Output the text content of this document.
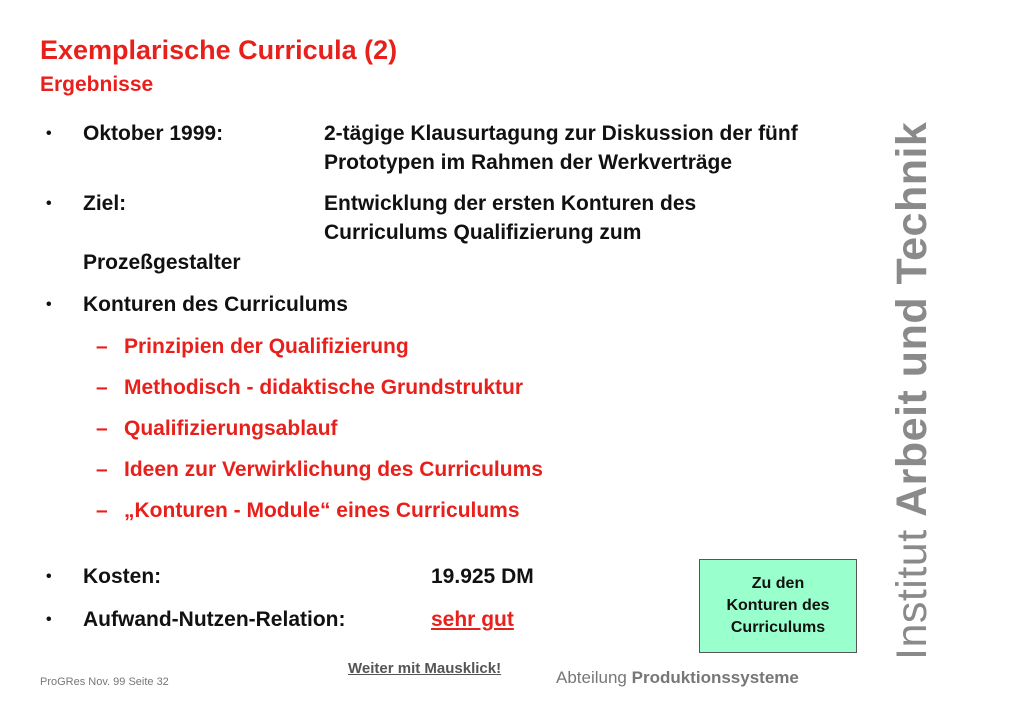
Exemplarische Curricula (2)
Ergebnisse
• Oktober 1999:	2-tägige Klausurtagung zur Diskussion der fünf
Prototypen im Rahmen der Werkverträge
• Ziel:	Entwicklung der ersten Konturen des
Curriculums Qualifizierung zum
Prozeßgestalter
• Konturen des Curriculums
– Prinzipien der Qualifizierung
– Methodisch - didaktische Grundstruktur
– Qualifizierungsablauf
– Ideen zur Verwirklichung des Curriculums
– „Konturen - Module“ eines Curriculums
• Kosten:	19.925 DM
• Aufwand-Nutzen-Relation:	sehr gut
Zu den
Konturen des
Curriculums Institut Arbeit und Technik
Weiter mit Mausklick!
ProGRes Nov. 99 Seite 32	Abteilung Produktionssysteme
